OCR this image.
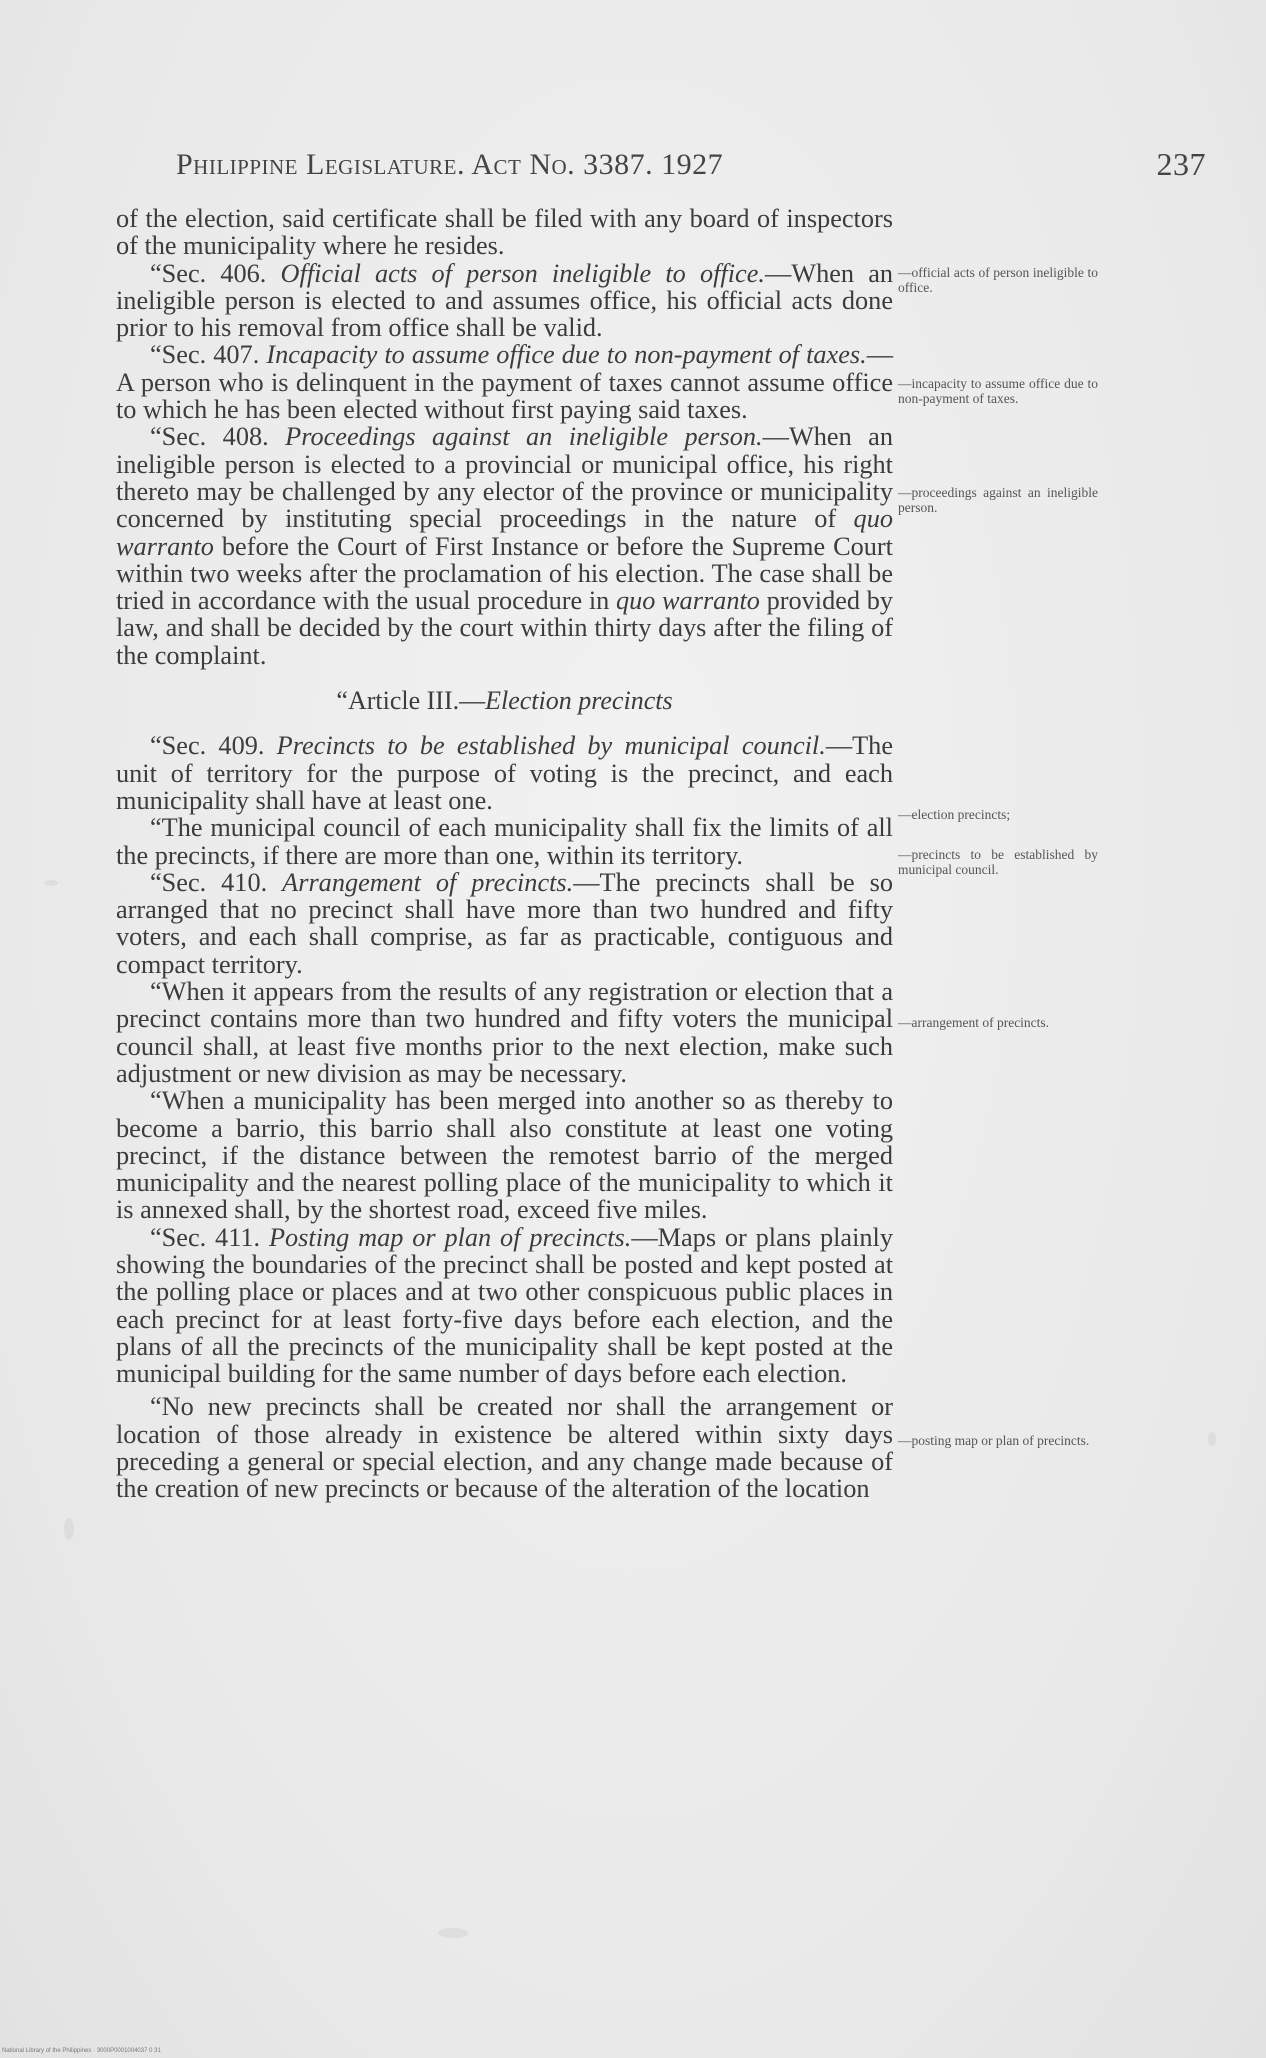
Philippine Legislature. Act No. 3387. 1927	237

of the election, said certificate shall be filed with any board of inspectors of the municipality where he resides.

“Sec. 406. Official acts of person ineligible to office.—When an ineligible person is elected to and assumes office, his official acts done prior to his removal from office shall be valid.

“Sec. 407. Incapacity to assume office due to non-payment of taxes.—A person who is delinquent in the payment of taxes cannot assume office to which he has been elected without first paying said taxes.

“Sec. 408. Proceedings against an ineligible person.—When an ineligible person is elected to a provincial or municipal office, his right thereto may be challenged by any elector of the province or municipality concerned by instituting special proceedings in the nature of quo warranto before the Court of First Instance or before the Supreme Court within two weeks after the proclamation of his election. The case shall be tried in accordance with the usual procedure in quo warranto provided by law, and shall be decided by the court within thirty days after the filing of the complaint.

“Article III.—Election precincts

“Sec. 409. Precincts to be established by municipal council.—The unit of territory for the purpose of voting is the precinct, and each municipality shall have at least one.

“The municipal council of each municipality shall fix the limits of all the precincts, if there are more than one, within its territory.

“Sec. 410. Arrangement of precincts.—The precincts shall be so arranged that no precinct shall have more than two hundred and fifty voters, and each shall comprise, as far as practicable, contiguous and compact territory.

“When it appears from the results of any registration or election that a precinct contains more than two hundred and fifty voters the municipal council shall, at least five months prior to the next election, make such adjustment or new division as may be necessary.

“When a municipality has been merged into another so as thereby to become a barrio, this barrio shall also constitute at least one voting precinct, if the distance between the remotest barrio of the merged municipality and the nearest polling place of the municipality to which it is annexed shall, by the shortest road, exceed five miles.

“Sec. 411. Posting map or plan of precincts.—Maps or plans plainly showing the boundaries of the precinct shall be posted and kept posted at the polling place or places and at two other conspicuous public places in each precinct for at least forty-five days before each election, and the plans of all the precincts of the municipality shall be kept posted at the municipal building for the same number of days before each election.

“No new precincts shall be created nor shall the arrangement or location of those already in existence be altered within sixty days preceding a general or special election, and any change made because of the creation of new precincts or because of the alteration of the location

—official acts of person ineligible to office.
—incapacity to assume office due to non-payment of taxes.
—proceedings against an ineligible person.
—election precincts;
—precincts to be established by municipal council.
—arrangement of precincts.
—posting map or plan of precincts.
National Library of the Philippines · 3000P0001004037 0 31
